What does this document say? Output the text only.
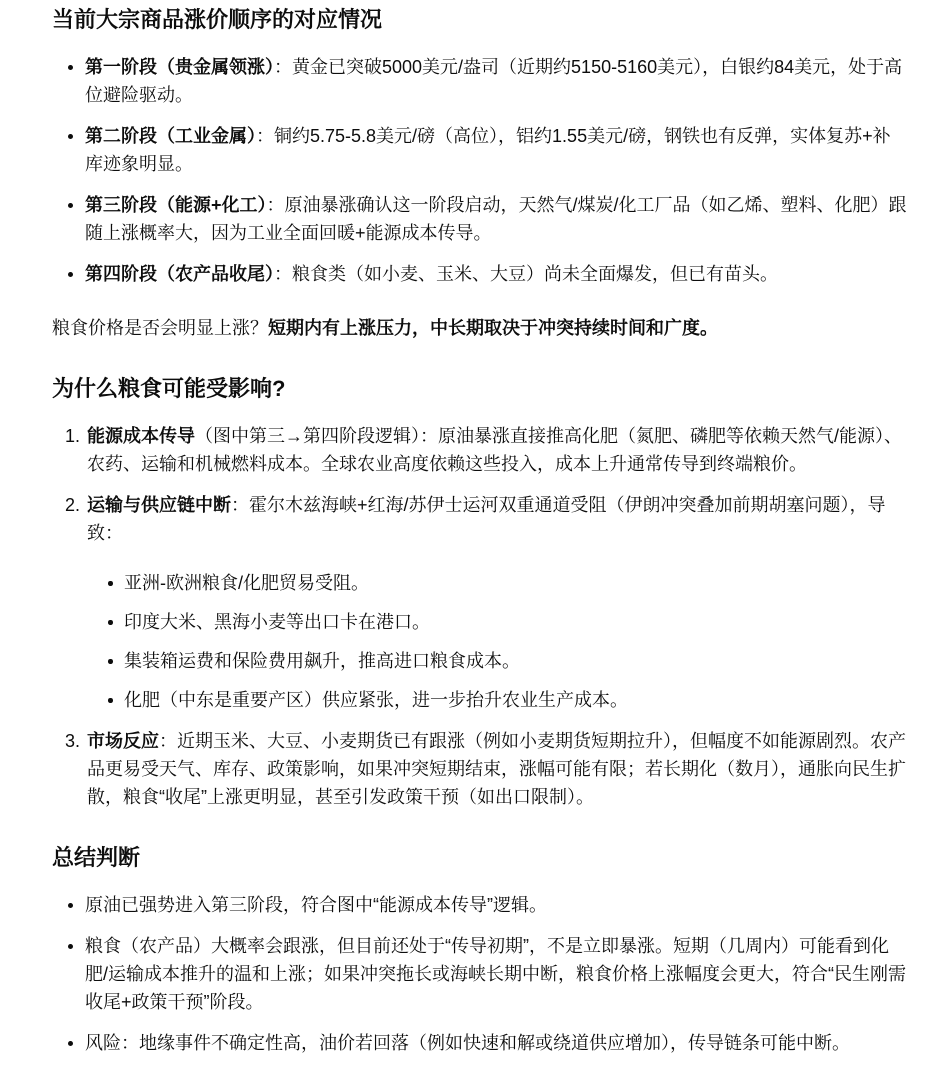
当前大宗商品涨价顺序的对应情况
第一阶段（贵金属领涨）：黄金已突破5000美元/盎司（近期约5150-5160美元），白银约84美元，处于高位避险驱动。
第二阶段（工业金属）：铜约5.75-5.8美元/磅（高位），铝约1.55美元/磅，钢铁也有反弹，实体复苏+补库迹象明显。
第三阶段（能源+化工）：原油暴涨确认这一阶段启动，天然气/煤炭/化工厂品（如乙烯、塑料、化肥）跟随上涨概率大，因为工业全面回暖+能源成本传导。
第四阶段（农产品收尾）：粮食类（如小麦、玉米、大豆）尚未全面爆发，但已有苗头。

粮食价格是否会明显上涨？短期内有上涨压力，中长期取决于冲突持续时间和广度。

为什么粮食可能受影响?

1. 能源成本传导（图中第三→第四阶段逻辑）：原油暴涨直接推高化肥（氮肥、磷肥等依赖天然气/能源）、农药、运输和机械燃料成本。全球农业高度依赖这些投入，成本上升通常传导到终端粮价。

2. 运输与供应链中断：霍尔木兹海峡+红海/苏伊士运河双重通道受阻（伊朗冲突叠加前期胡塞问题），导致：

亚洲-欧洲粮食/化肥贸易受阻。
印度大米、黑海小麦等出口卡在港口。
集装箱运费和保险费用飙升，推高进口粮食成本。
化肥（中东是重要产区）供应紧张，进一步抬升农业生产成本。

3. 市场反应：近期玉米、大豆、小麦期货已有跟涨（例如小麦期货短期拉升），但幅度不如能源剧烈。农产品更易受天气、库存、政策影响，如果冲突短期结束，涨幅可能有限；若长期化（数月），通胀向民生扩散，粮食“收尾”上涨更明显，甚至引发政策干预（如出口限制）。

总结判断
原油已强势进入第三阶段，符合图中“能源成本传导”逻辑。
粮食（农产品）大概率会跟涨，但目前还处于“传导初期”，不是立即暴涨。短期（几周内）可能看到化肥/运输成本推升的温和上涨；如果冲突拖长或海峡长期中断，粮食价格上涨幅度会更大，符合“民生刚需收尾+政策干预”阶段。
风险：地缘事件不确定性高，油价若回落（例如快速和解或绕道供应增加），传导链条可能中断。
